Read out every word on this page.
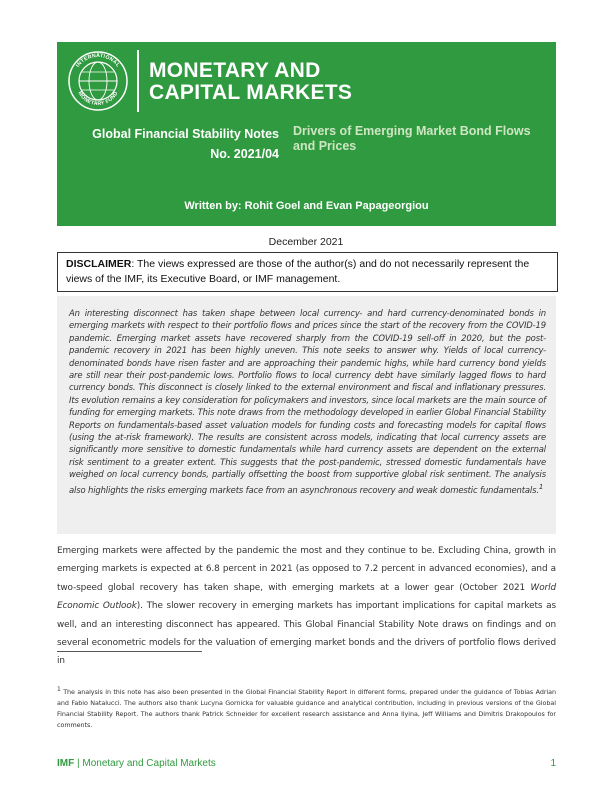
INTERNATIONAL
MONETARY FUND
MONETARY AND
CAPITAL MARKETS
Global Financial Stability Notes
No. 2021/04
Drivers of Emerging Market Bond Flows and Prices
Written by: Rohit Goel and Evan Papageorgiou
December 2021
DISCLAIMER: The views expressed are those of the author(s) and do not necessarily represent the views of the IMF, its Executive Board, or IMF management.
An interesting disconnect has taken shape between local currency- and hard currency-denominated bonds in emerging markets with respect to their portfolio flows and prices since the start of the recovery from the COVID-19 pandemic. Emerging market assets have recovered sharply from the COVID-19 sell-off in 2020, but the post-pandemic recovery in 2021 has been highly uneven. This note seeks to answer why. Yields of local currency-denominated bonds have risen faster and are approaching their pandemic highs, while hard currency bond yields are still near their post-pandemic lows. Portfolio flows to local currency debt have similarly lagged flows to hard currency bonds. This disconnect is closely linked to the external environment and fiscal and inflationary pressures. Its evolution remains a key consideration for policymakers and investors, since local markets are the main source of funding for emerging markets. This note draws from the methodology developed in earlier Global Financial Stability Reports on fundamentals-based asset valuation models for funding costs and forecasting models for capital flows (using the at-risk framework). The results are consistent across models, indicating that local currency assets are significantly more sensitive to domestic fundamentals while hard currency assets are dependent on the external risk sentiment to a greater extent. This suggests that the post-pandemic, stressed domestic fundamentals have weighed on local currency bonds, partially offsetting the boost from supportive global risk sentiment. The analysis also highlights the risks emerging markets face from an asynchronous recovery and weak domestic fundamentals.$^1$
Emerging markets were affected by the pandemic the most and they continue to be. Excluding China, growth in emerging markets is expected at 6.8 percent in 2021 (as opposed to 7.2 percent in advanced economies), and a two-speed global recovery has taken shape, with emerging markets at a lower gear (October 2021 World Economic Outlook). The slower recovery in emerging markets has important implications for capital markets as well, and an interesting disconnect has appeared. This Global Financial Stability Note draws on findings and on several econometric models for the valuation of emerging market bonds and the drivers of portfolio flows derived in
$^1$ The analysis in this note has also been presented in the Global Financial Stability Report in different forms, prepared under the guidance of Tobias Adrian and Fabio Natalucci. The authors also thank Lucyna Gornicka for valuable guidance and analytical contribution, including in previous versions of the Global Financial Stability Report. The authors thank Patrick Schneider for excellent research assistance and Anna Ilyina, Jeff Williams and Dimitris Drakopoulos for comments.
IMF | Monetary and Capital Markets	1
